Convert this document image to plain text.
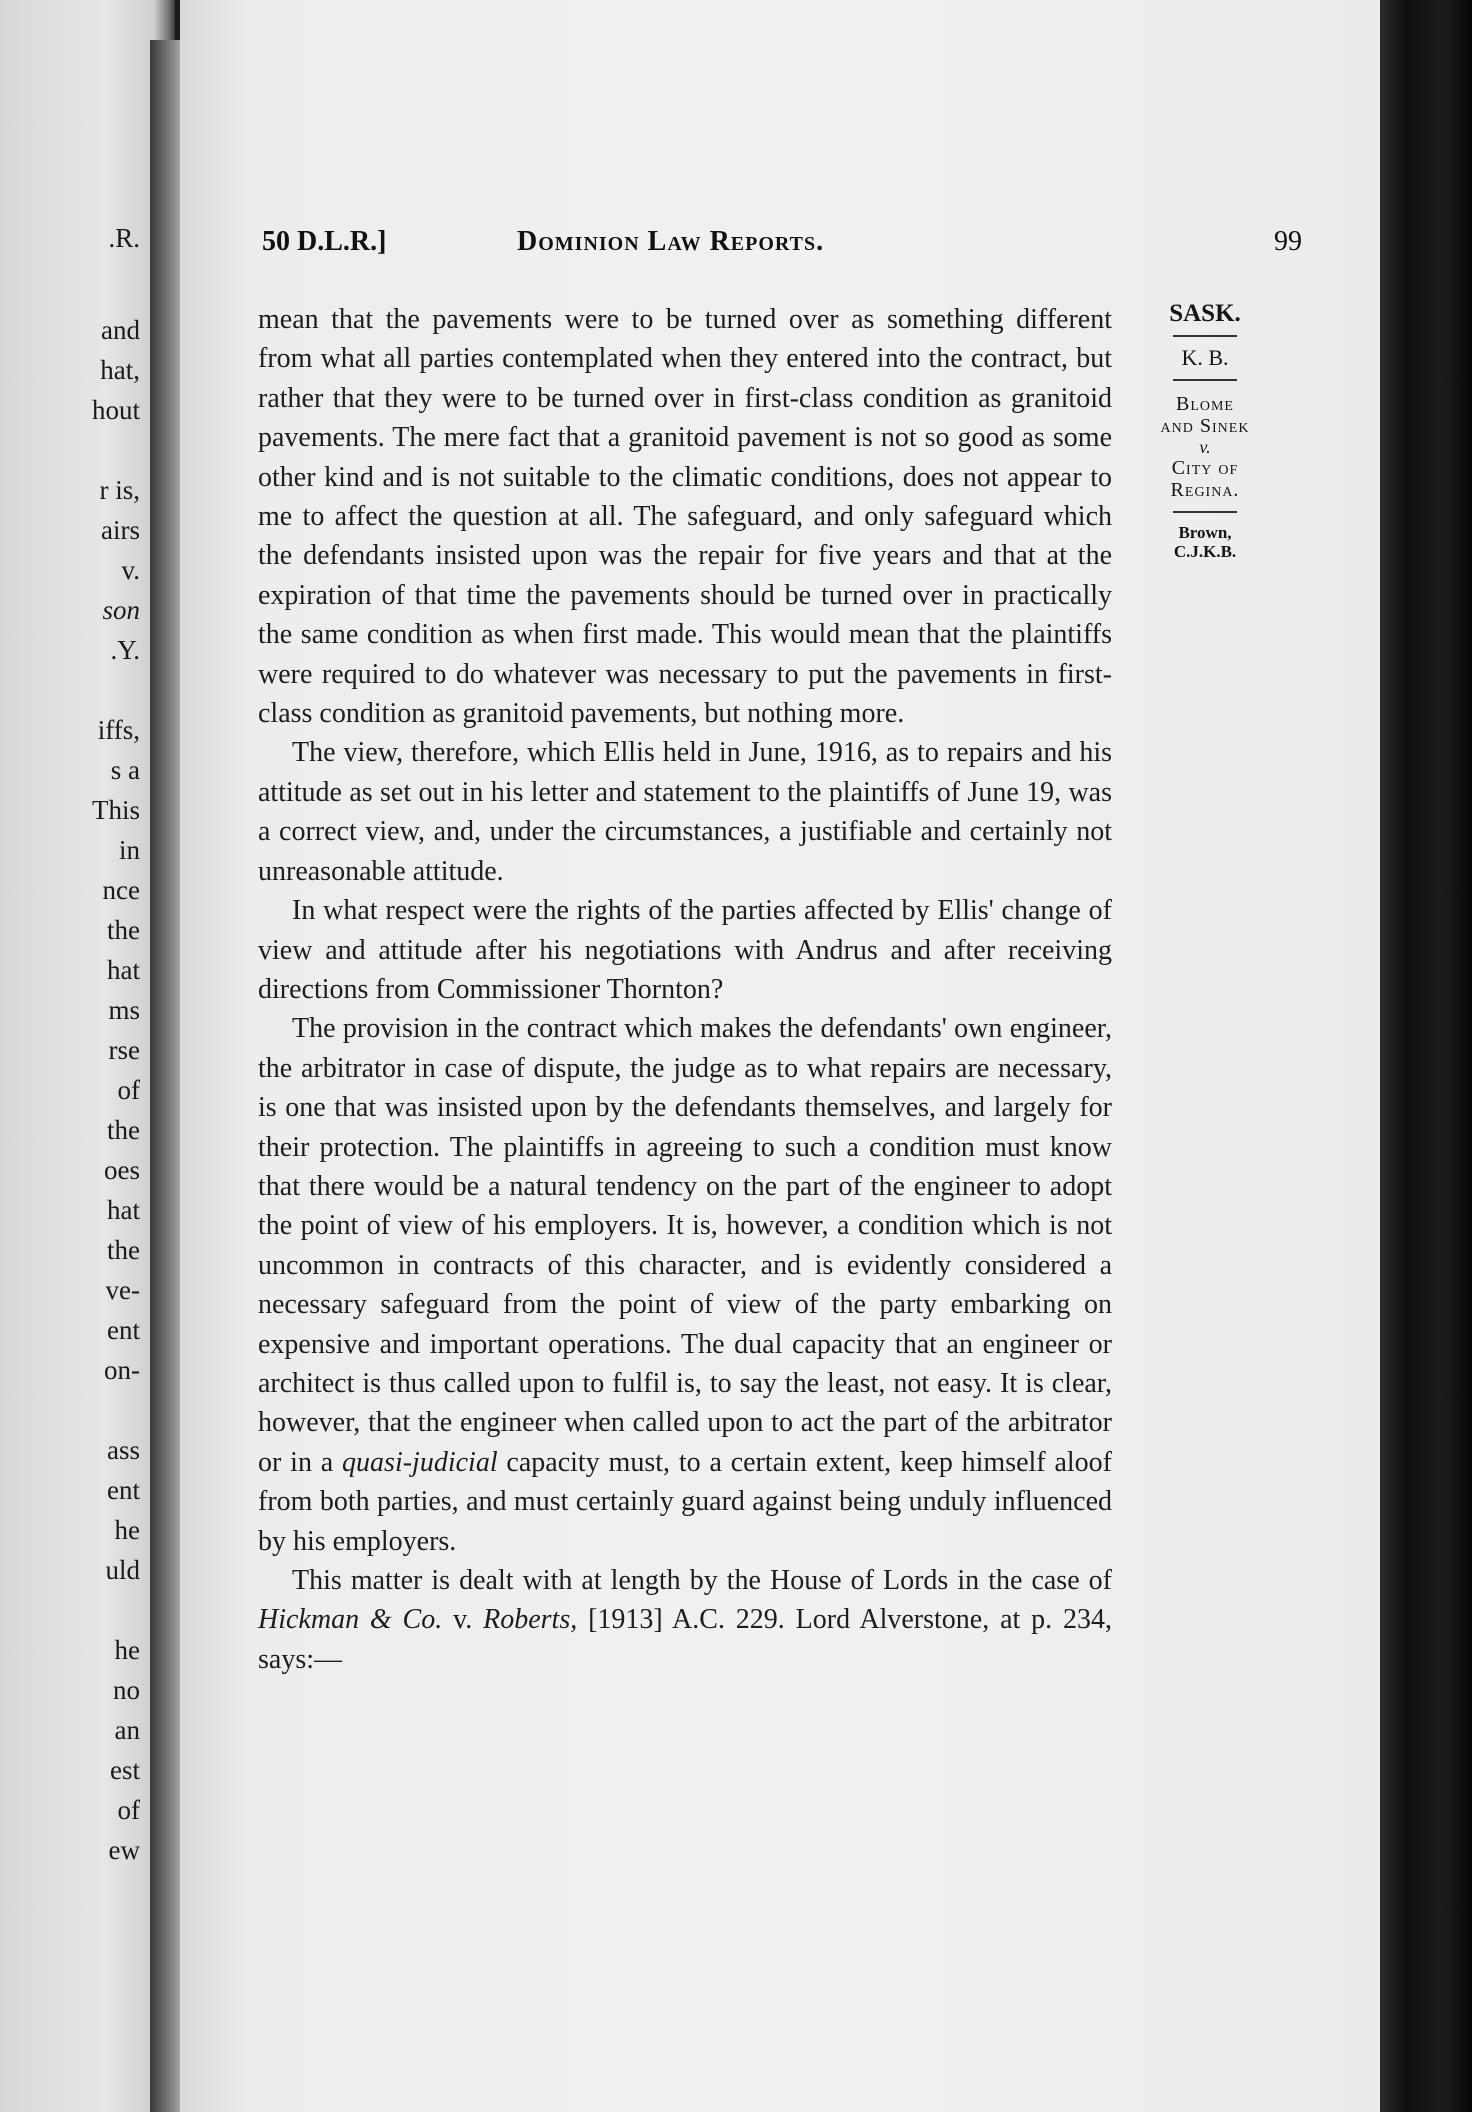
.R.
and
hat,
hout
r is,
airs
v.
son
.Y.
iffs,
s a
This
in
nce
the
hat
ms
rse
of
the
oes
hat
the
ve-
ent
on-
ass
ent
he
uld
he
no
an
est
of
ew
50 D.L.R.]	Dominion Law Reports.	99
SASK.
K. B.
Blome
and Sinek
v.
City of
Regina.
Brown,
C.J.K.B.

mean that the pavements were to be turned over as something different from what all parties contemplated when they entered into the contract, but rather that they were to be turned over in first-class condition as granitoid pavements. The mere fact that a granitoid pavement is not so good as some other kind and is not suitable to the climatic conditions, does not appear to me to affect the question at all. The safeguard, and only safeguard which the defendants insisted upon was the repair for five years and that at the expiration of that time the pavements should be turned over in practically the same condition as when first made. This would mean that the plaintiffs were required to do whatever was necessary to put the pavements in first-class condition as granitoid pavements, but nothing more.

The view, therefore, which Ellis held in June, 1916, as to repairs and his attitude as set out in his letter and statement to the plaintiffs of June 19, was a correct view, and, under the circumstances, a justifiable and certainly not unreasonable attitude.

In what respect were the rights of the parties affected by Ellis' change of view and attitude after his negotiations with Andrus and after receiving directions from Commissioner Thornton?

The provision in the contract which makes the defendants' own engineer, the arbitrator in case of dispute, the judge as to what repairs are necessary, is one that was insisted upon by the defendants themselves, and largely for their protection. The plaintiffs in agreeing to such a condition must know that there would be a natural tendency on the part of the engineer to adopt the point of view of his employers. It is, however, a condition which is not uncommon in contracts of this character, and is evidently considered a necessary safeguard from the point of view of the party embarking on expensive and important operations. The dual capacity that an engineer or architect is thus called upon to fulfil is, to say the least, not easy. It is clear, however, that the engineer when called upon to act the part of the arbitrator or in a quasi-judicial capacity must, to a certain extent, keep himself aloof from both parties, and must certainly guard against being unduly influenced by his employers.

This matter is dealt with at length by the House of Lords in the case of Hickman & Co. v. Roberts, [1913] A.C. 229. Lord Alverstone, at p. 234, says:—
